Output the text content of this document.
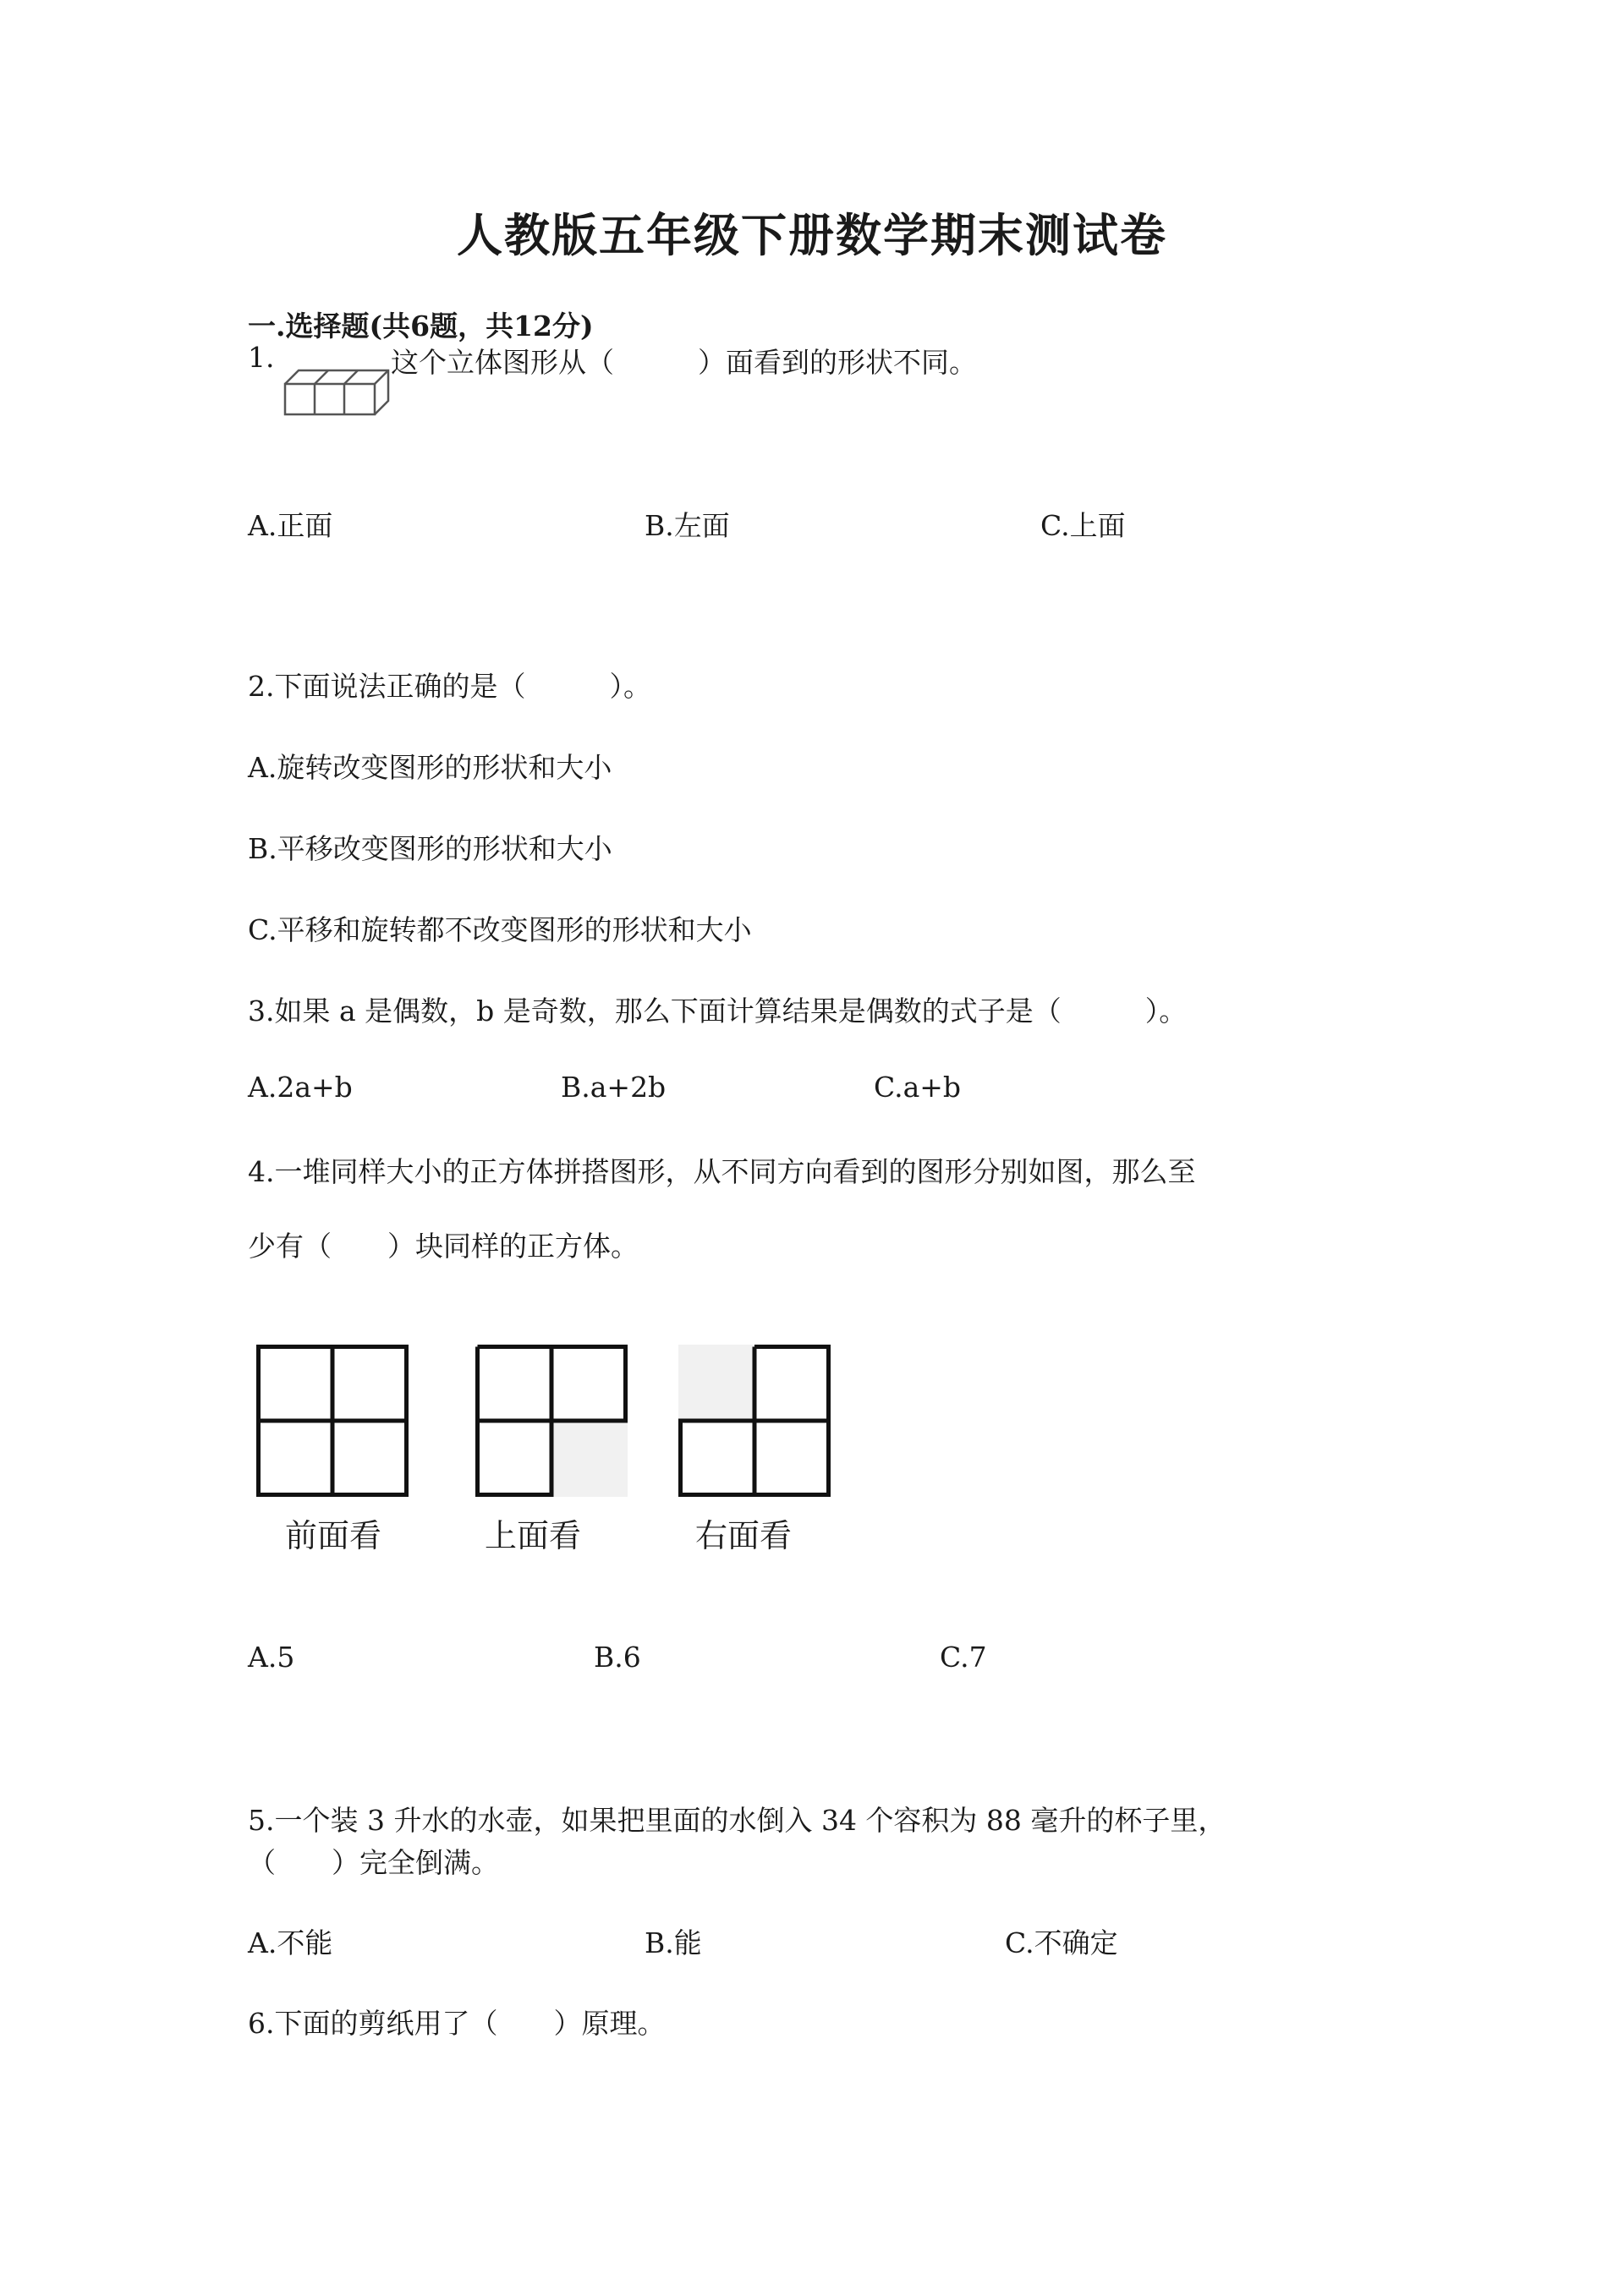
人教版五年级下册数学期末测试卷
一.选择题(共6题，共12分)
1.	这个立体图形从（　　　）面看到的形状不同。
A.正面	B.左面	C.上面
2.下面说法正确的是（　　　）。
A.旋转改变图形的形状和大小
B.平移改变图形的形状和大小
C.平移和旋转都不改变图形的形状和大小
3.如果 a 是偶数，b 是奇数，那么下面计算结果是偶数的式子是（　　　）。
A.2a+b	B.a+2b	C.a+b
4.一堆同样大小的正方体拼搭图形，从不同方向看到的图形分别如图，那么至
少有（　　）块同样的正方体。
前面看	上面看	右面看
A.5	B.6	C.7
5.一个装 3 升水的水壶，如果把里面的水倒入 34 个容积为 88 毫升的杯子里，
（　　）完全倒满。
A.不能	B.能	C.不确定
6.下面的剪纸用了（　　）原理。
